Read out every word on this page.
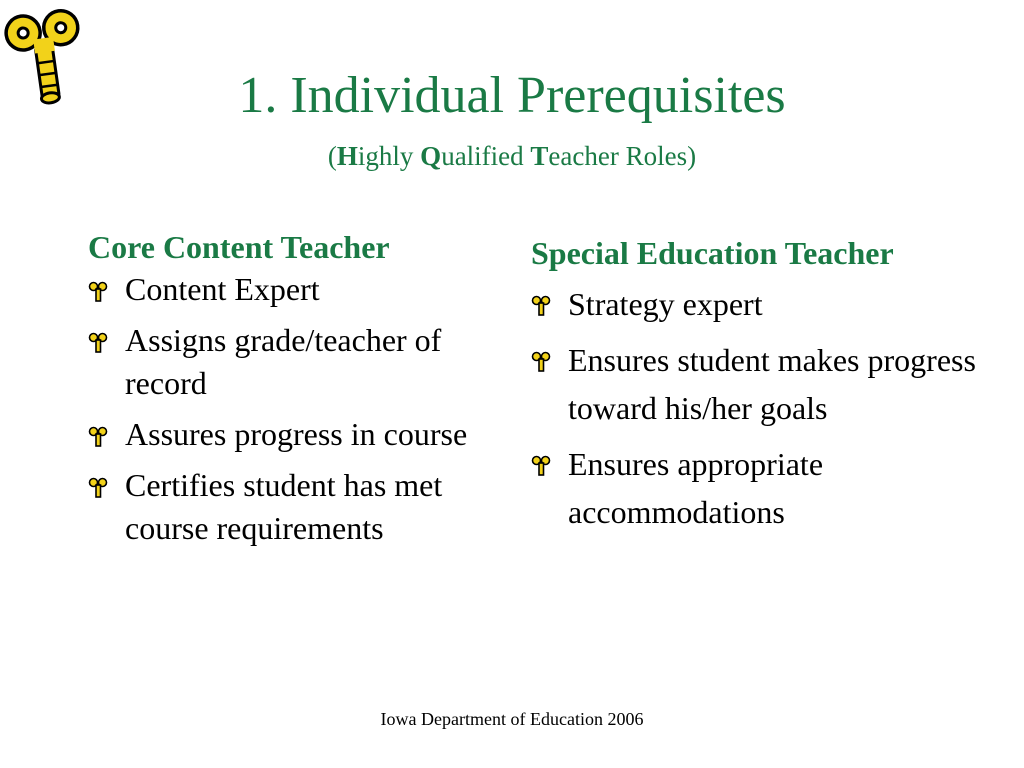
1. Individual Prerequisites
(Highly Qualified Teacher Roles)
Core Content Teacher
Content Expert
Assigns grade/teacher of record
Assures progress in course
Certifies student has met course requirements
Special Education Teacher
Strategy expert
Ensures student makes progress toward his/her goals
Ensures appropriate accommodations
Iowa Department of Education 2006
